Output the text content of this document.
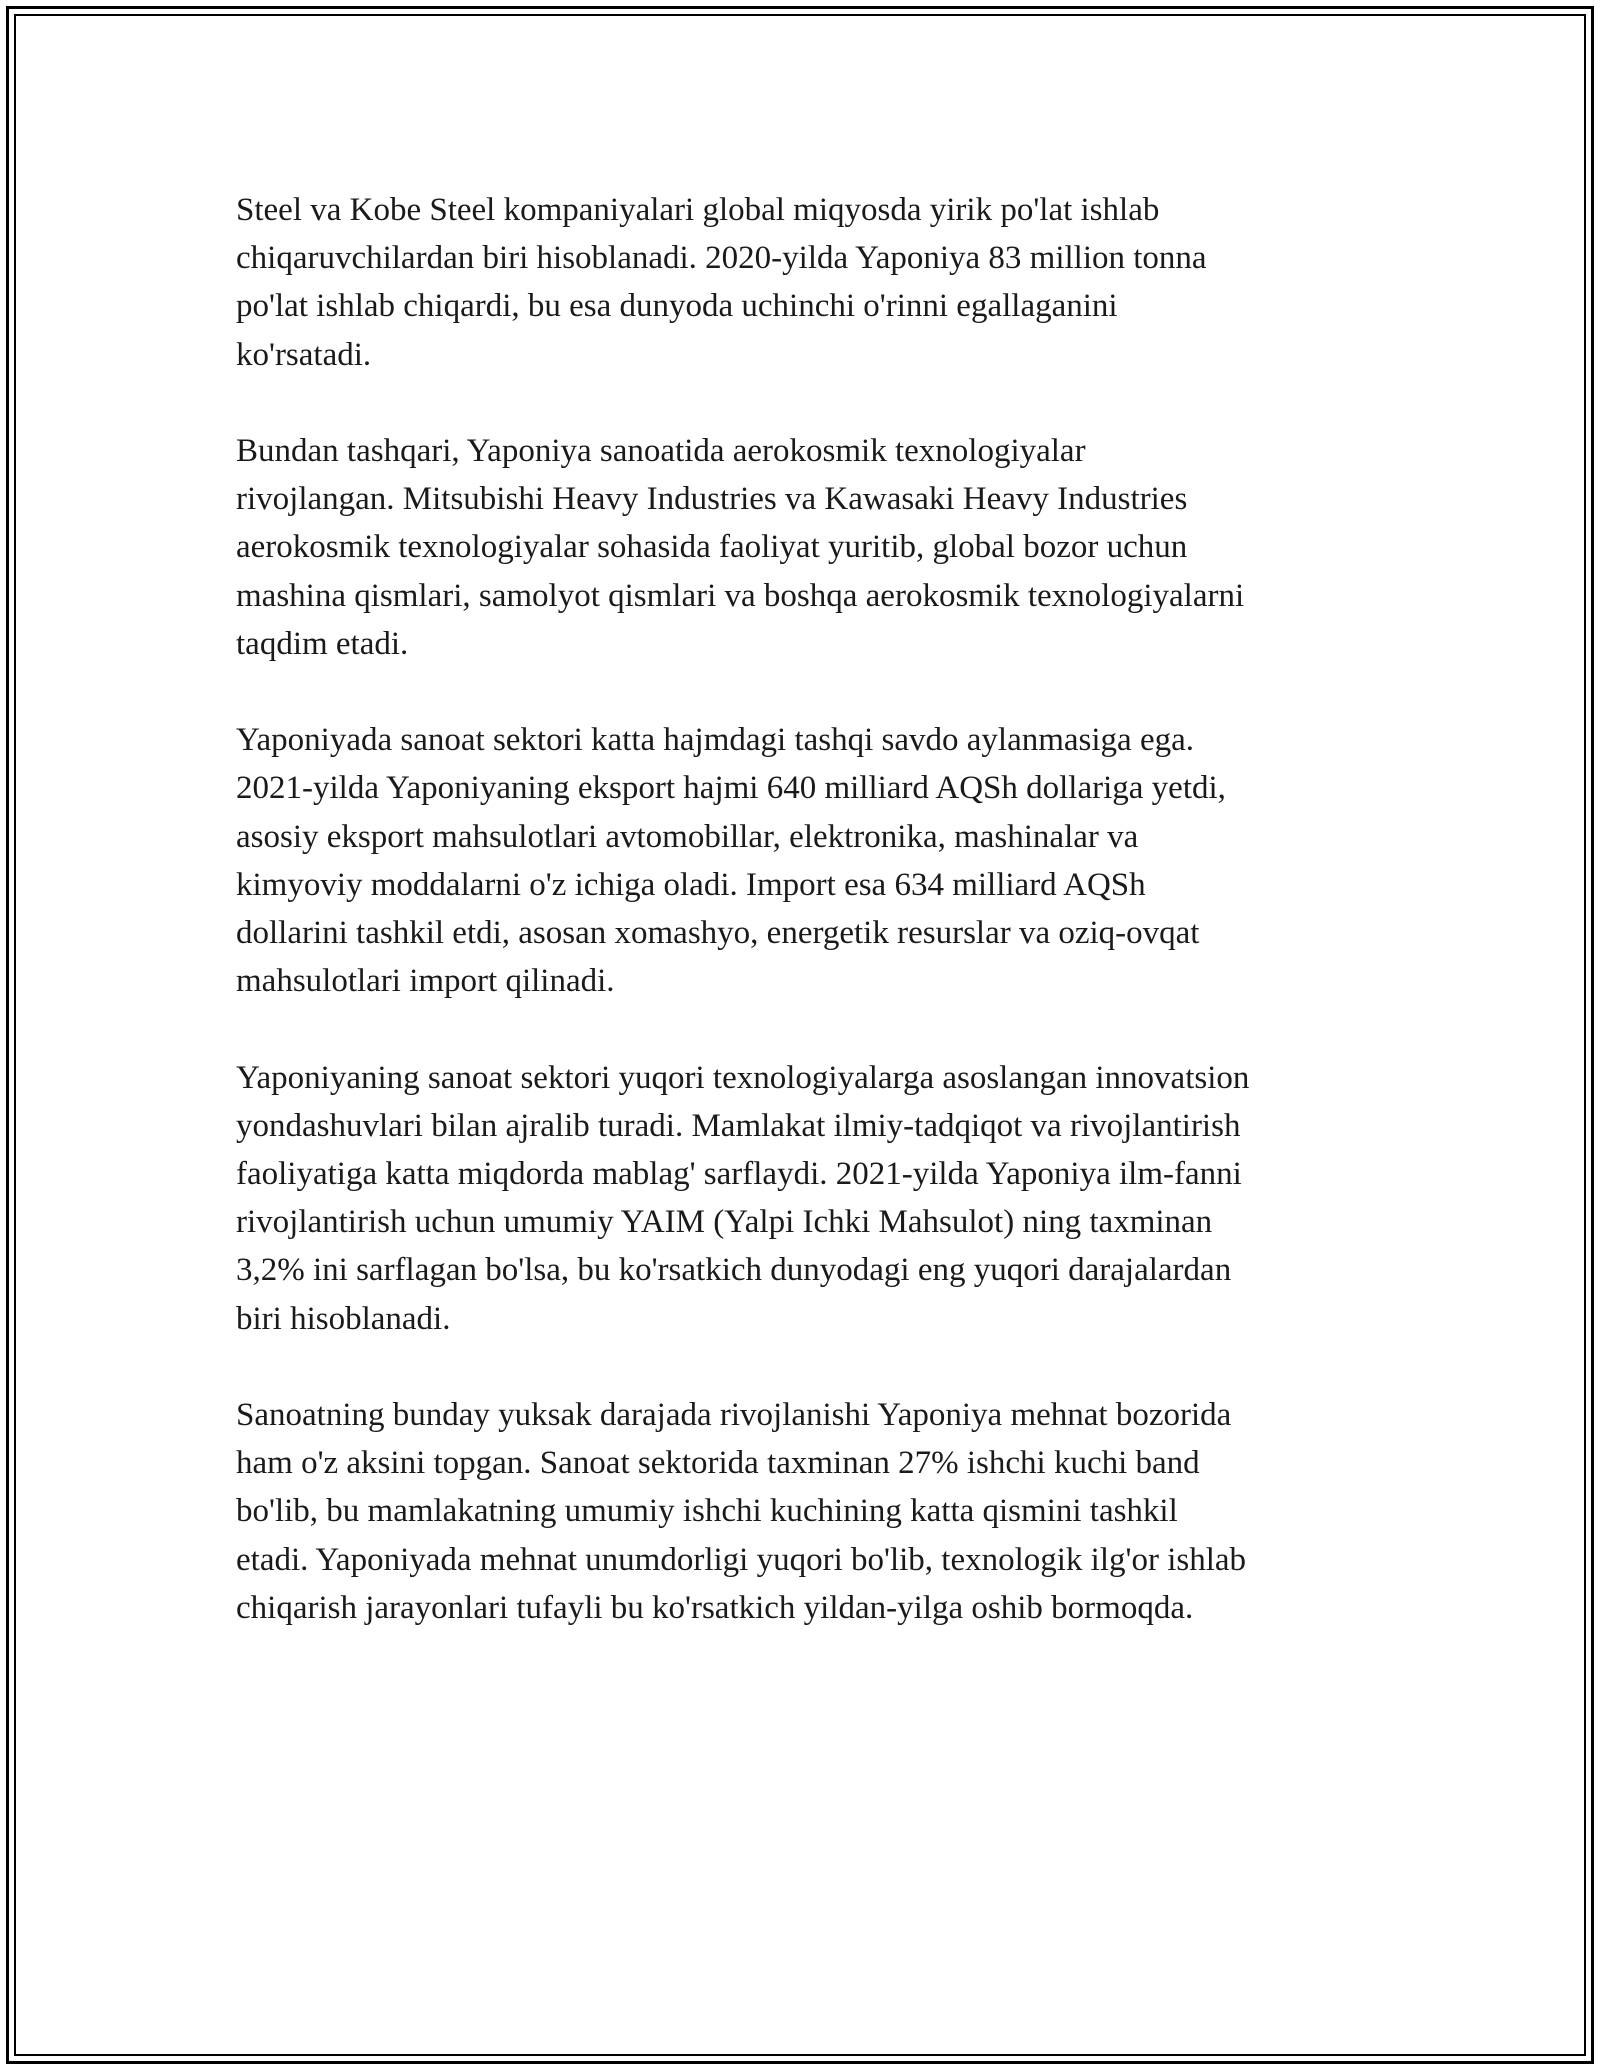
Steel va Kobe Steel kompaniyalari global miqyosda yirik po'lat ishlab
chiqaruvchilardan biri hisoblanadi. 2020-yilda Yaponiya 83 million tonna
po'lat ishlab chiqardi, bu esa dunyoda uchinchi o'rinni egallaganini
ko'rsatadi.

Bundan tashqari, Yaponiya sanoatida aerokosmik texnologiyalar
rivojlangan. Mitsubishi Heavy Industries va Kawasaki Heavy Industries
aerokosmik texnologiyalar sohasida faoliyat yuritib, global bozor uchun
mashina qismlari, samolyot qismlari va boshqa aerokosmik texnologiyalarni
taqdim etadi.

Yaponiyada sanoat sektori katta hajmdagi tashqi savdo aylanmasiga ega.
2021-yilda Yaponiyaning eksport hajmi 640 milliard AQSh dollariga yetdi,
asosiy eksport mahsulotlari avtomobillar, elektronika, mashinalar va
kimyoviy moddalarni o'z ichiga oladi. Import esa 634 milliard AQSh
dollarini tashkil etdi, asosan xomashyo, energetik resurslar va oziq-ovqat
mahsulotlari import qilinadi.

Yaponiyaning sanoat sektori yuqori texnologiyalarga asoslangan innovatsion
yondashuvlari bilan ajralib turadi. Mamlakat ilmiy-tadqiqot va rivojlantirish
faoliyatiga katta miqdorda mablag' sarflaydi. 2021-yilda Yaponiya ilm-fanni
rivojlantirish uchun umumiy YAIM (Yalpi Ichki Mahsulot) ning taxminan
3,2% ini sarflagan bo'lsa, bu ko'rsatkich dunyodagi eng yuqori darajalardan
biri hisoblanadi.

Sanoatning bunday yuksak darajada rivojlanishi Yaponiya mehnat bozorida
ham o'z aksini topgan. Sanoat sektorida taxminan 27% ishchi kuchi band
bo'lib, bu mamlakatning umumiy ishchi kuchining katta qismini tashkil
etadi. Yaponiyada mehnat unumdorligi yuqori bo'lib, texnologik ilg'or ishlab
chiqarish jarayonlari tufayli bu ko'rsatkich yildan-yilga oshib bormoqda.
